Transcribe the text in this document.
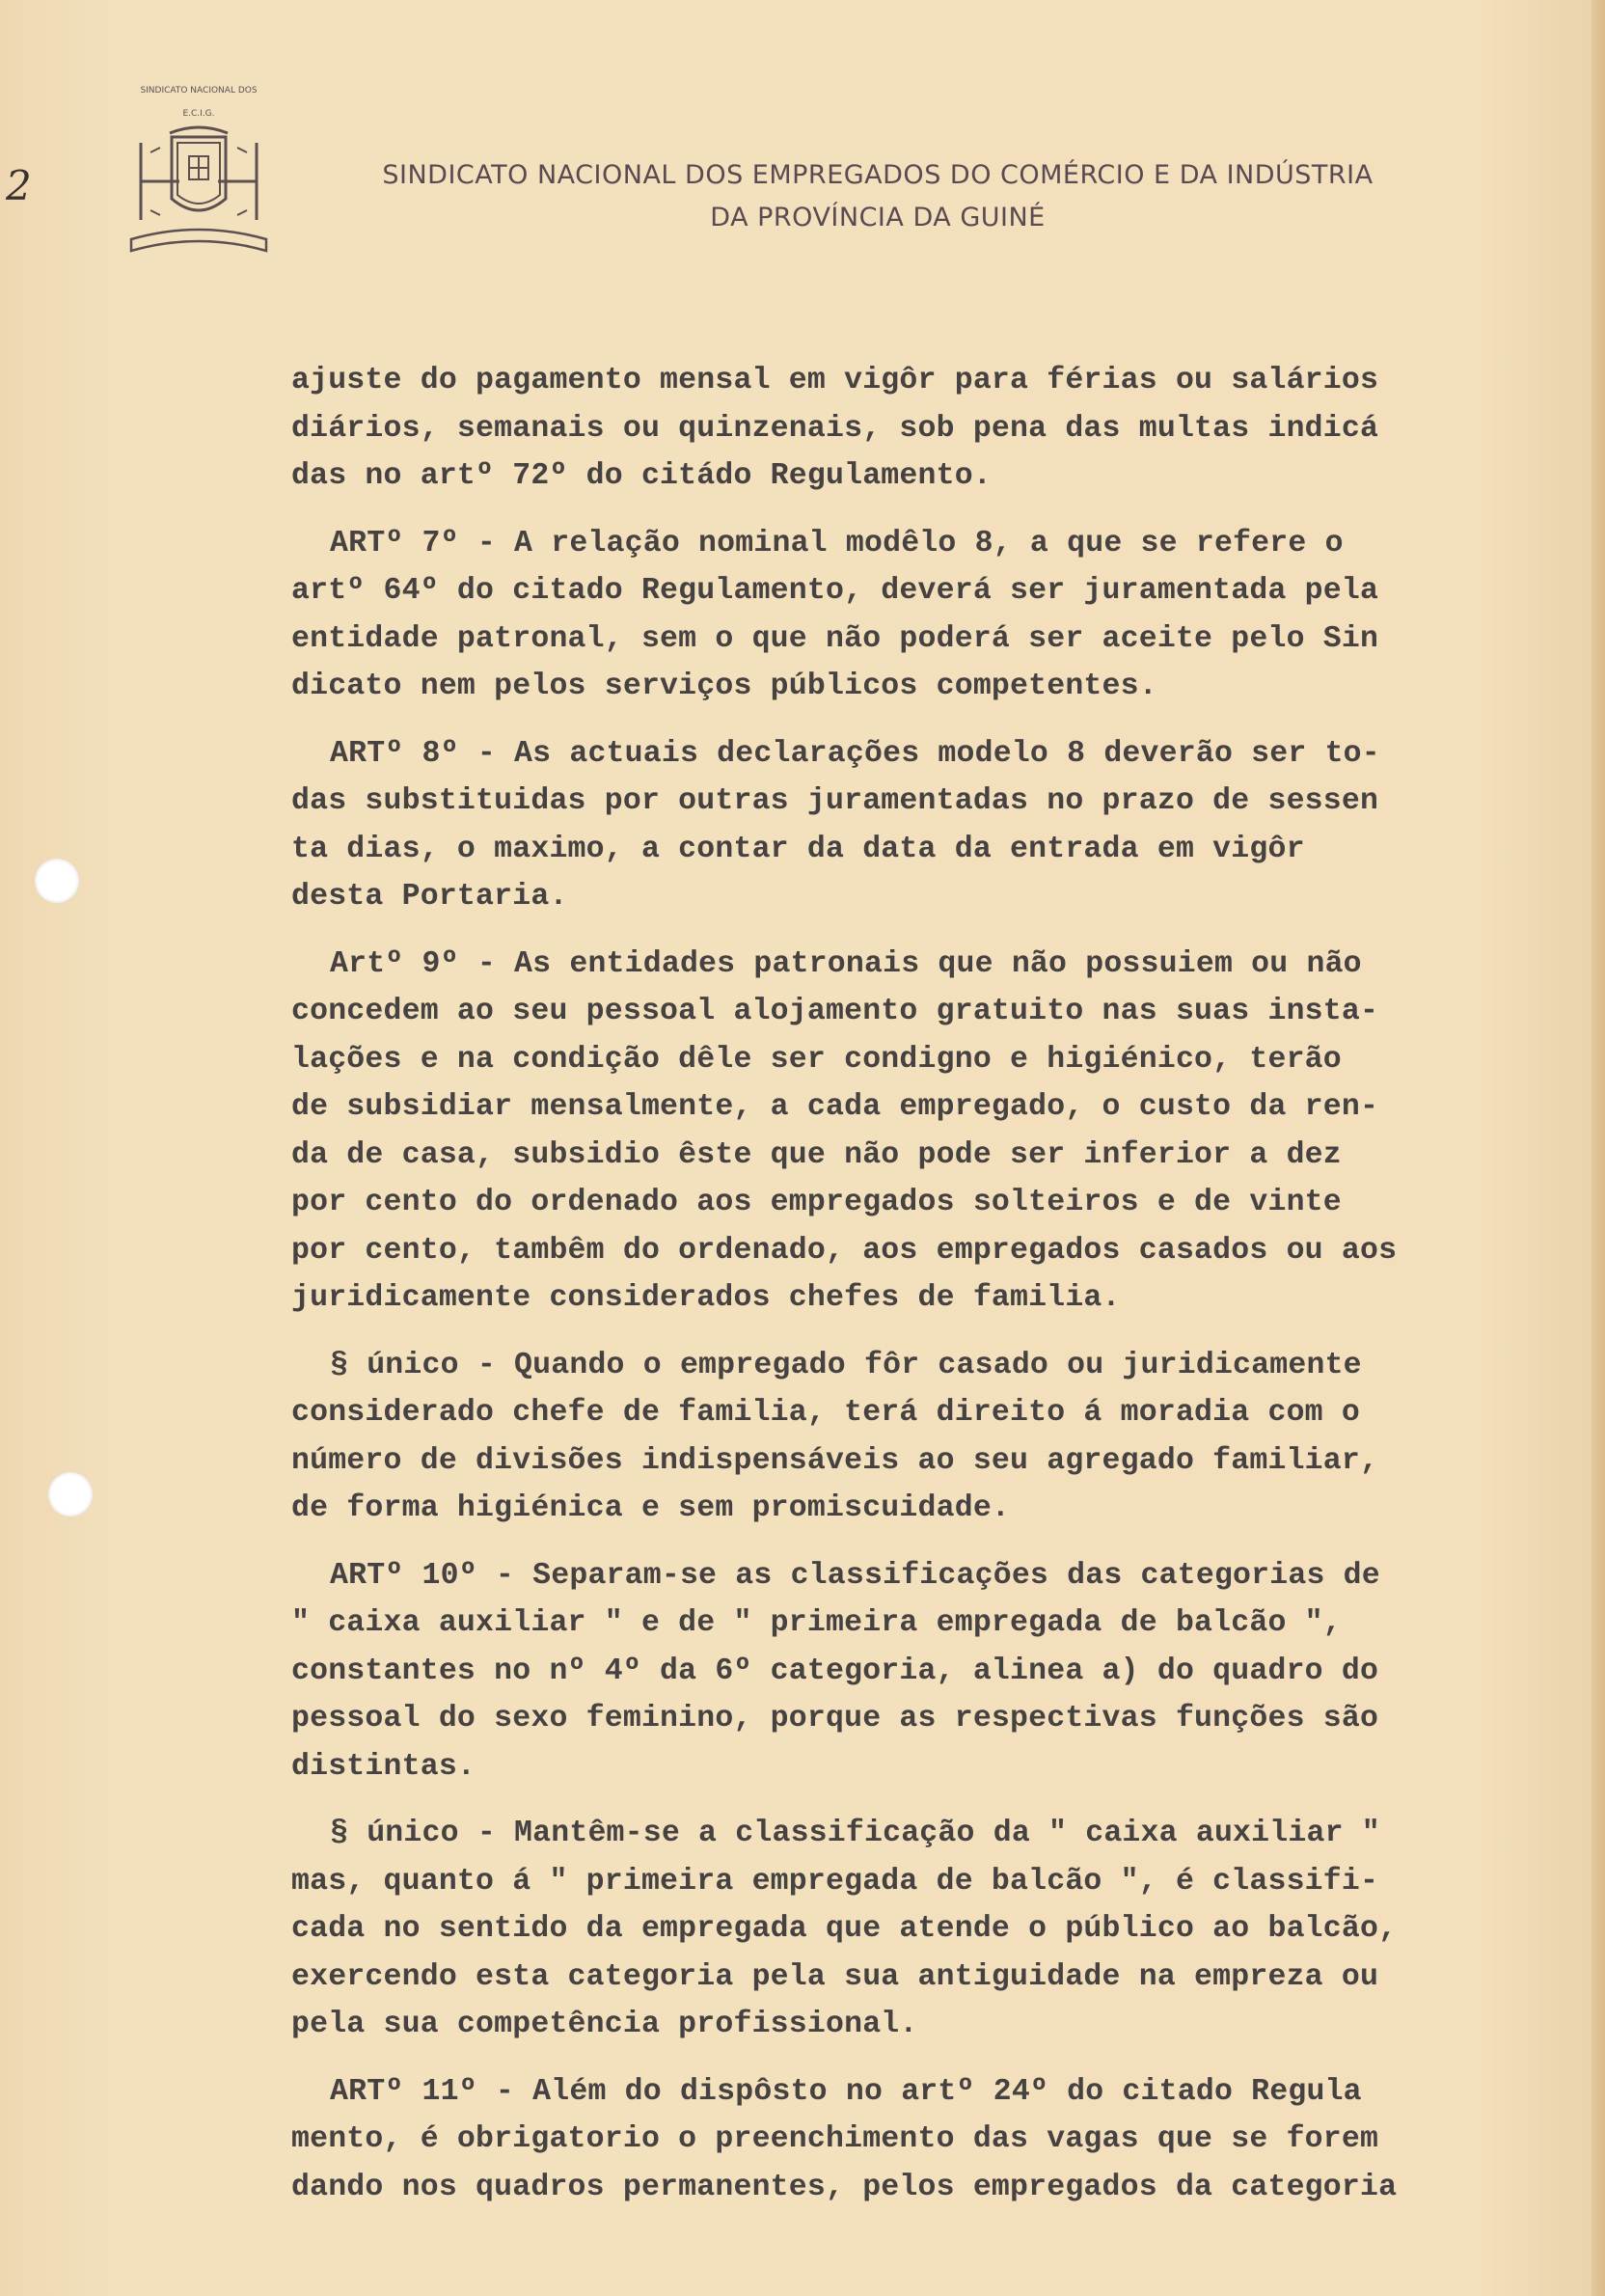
2
SINDICATO NACIONAL DOS
E.C.I.G.
SINDICATO NACIONAL DOS EMPREGADOS DO COMÉRCIO E DA INDÚSTRIA
DA PROVÍNCIA DA GUINÉ
ajuste do pagamento mensal em vigôr para férias ou salários
diários, semanais ou quinzenais, sob pena das multas indicá
das no artº 72º do citádo Regulamento.
ARTº 7º - A relação nominal modêlo 8, a que se refere o
artº 64º do citado Regulamento, deverá ser juramentada pela
entidade patronal, sem o que não poderá ser aceite pelo Sin
dicato nem pelos serviços públicos competentes.
ARTº 8º - As actuais declarações modelo 8 deverão ser to-
das substituidas por outras juramentadas no prazo de sessen
ta dias, o maximo, a contar da data da entrada em vigôr
desta Portaria.
Artº 9º - As entidades patronais que não possuiem ou não
concedem ao seu pessoal alojamento gratuito nas suas insta-
lações e na condição dêle ser condigno e higiénico, terão
de subsidiar mensalmente, a cada empregado, o custo da ren-
da de casa, subsidio êste que não pode ser inferior a dez
por cento do ordenado aos empregados solteiros e de vinte
por cento, tambêm do ordenado, aos empregados casados ou aos
juridicamente considerados chefes de familia.
§ único - Quando o empregado fôr casado ou juridicamente
considerado chefe de familia, terá direito á moradia com o
número de divisões indispensáveis ao seu agregado familiar,
de forma higiénica e sem promiscuidade.
ARTº 10º - Separam-se as classificações das categorias de
" caixa auxiliar " e de " primeira empregada de balcão ",
constantes no nº 4º da 6º categoria, alinea a) do quadro do
pessoal do sexo feminino, porque as respectivas funções são
distintas.
§ único - Mantêm-se a classificação da " caixa auxiliar "
mas, quanto á " primeira empregada de balcão ", é classifi-
cada no sentido da empregada que atende o público ao balcão,
exercendo esta categoria pela sua antiguidade na empreza ou
pela sua competência profissional.
ARTº 11º - Além do dispôsto no artº 24º do citado Regula
mento, é obrigatorio o preenchimento das vagas que se forem
dando nos quadros permanentes, pelos empregados da categoria
